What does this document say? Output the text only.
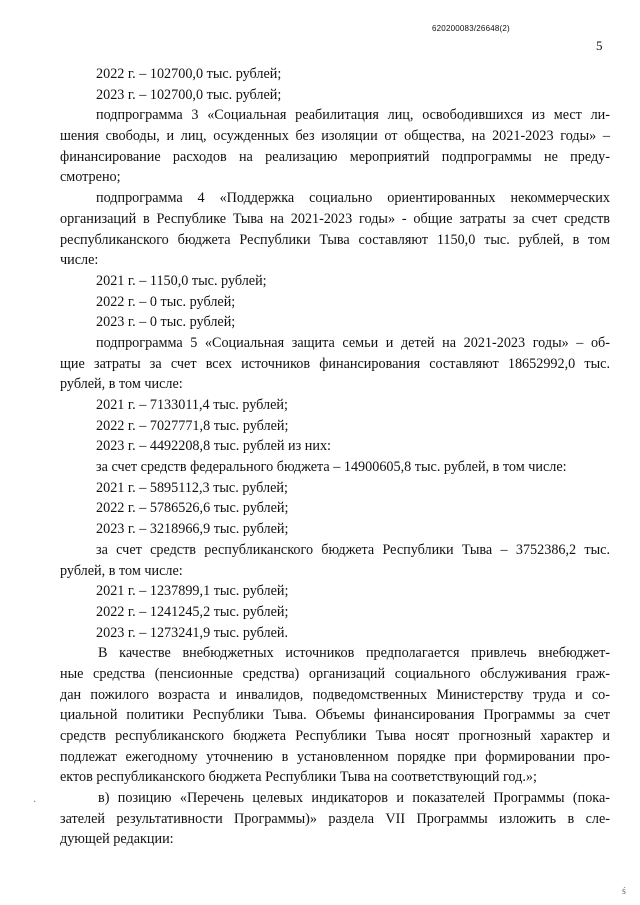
620200083/26648(2)
5
2022 г. – 102700,0 тыс. рублей;
2023 г. – 102700,0 тыс. рублей;
подпрограмма 3 «Социальная реабилитация лиц, освободившихся из мест ли-
шения свободы, и лиц, осужденных без изоляции от общества, на 2021-2023 годы» –
финансирование расходов на реализацию мероприятий подпрограммы не преду-
смотрено;
подпрограмма 4 «Поддержка социально ориентированных некоммерческих
организаций в Республике Тыва на 2021-2023 годы» - общие затраты за счет средств
республиканского бюджета Республики Тыва составляют 1150,0 тыс. рублей, в том
числе:
2021 г. – 1150,0 тыс. рублей;
2022 г. – 0 тыс. рублей;
2023 г. – 0 тыс. рублей;
подпрограмма 5 «Социальная защита семьи и детей на 2021-2023 годы» – об-
щие затраты за счет всех источников финансирования составляют 18652992,0 тыс.
рублей, в том числе:
2021 г. – 7133011,4 тыс. рублей;
2022 г. – 7027771,8 тыс. рублей;
2023 г. – 4492208,8 тыс. рублей из них:
за счет средств федерального бюджета – 14900605,8 тыс. рублей, в том числе:
2021 г. – 5895112,3 тыс. рублей;
2022 г. – 5786526,6 тыс. рублей;
2023 г. – 3218966,9 тыс. рублей;
за счет средств республиканского бюджета Республики Тыва – 3752386,2 тыс.
рублей, в том числе:
2021 г. – 1237899,1 тыс. рублей;
2022 г. – 1241245,2 тыс. рублей;
2023 г. – 1273241,9 тыс. рублей.
В качестве внебюджетных источников предполагается привлечь внебюджет-
ные средства (пенсионные средства) организаций социального обслуживания граж-
дан пожилого возраста и инвалидов, подведомственных Министерству труда и со-
циальной политики Республики Тыва. Объемы финансирования Программы за счет
средств республиканского бюджета Республики Тыва носят прогнозный характер и
подлежат ежегодному уточнению в установленном порядке при формировании про-
ектов республиканского бюджета Республики Тыва на соответствующий год.»;
в) позицию «Перечень целевых индикаторов и показателей Программы (пока-
зателей результативности Программы)» раздела VII Программы изложить в сле-
дующей редакции:
·
ś
